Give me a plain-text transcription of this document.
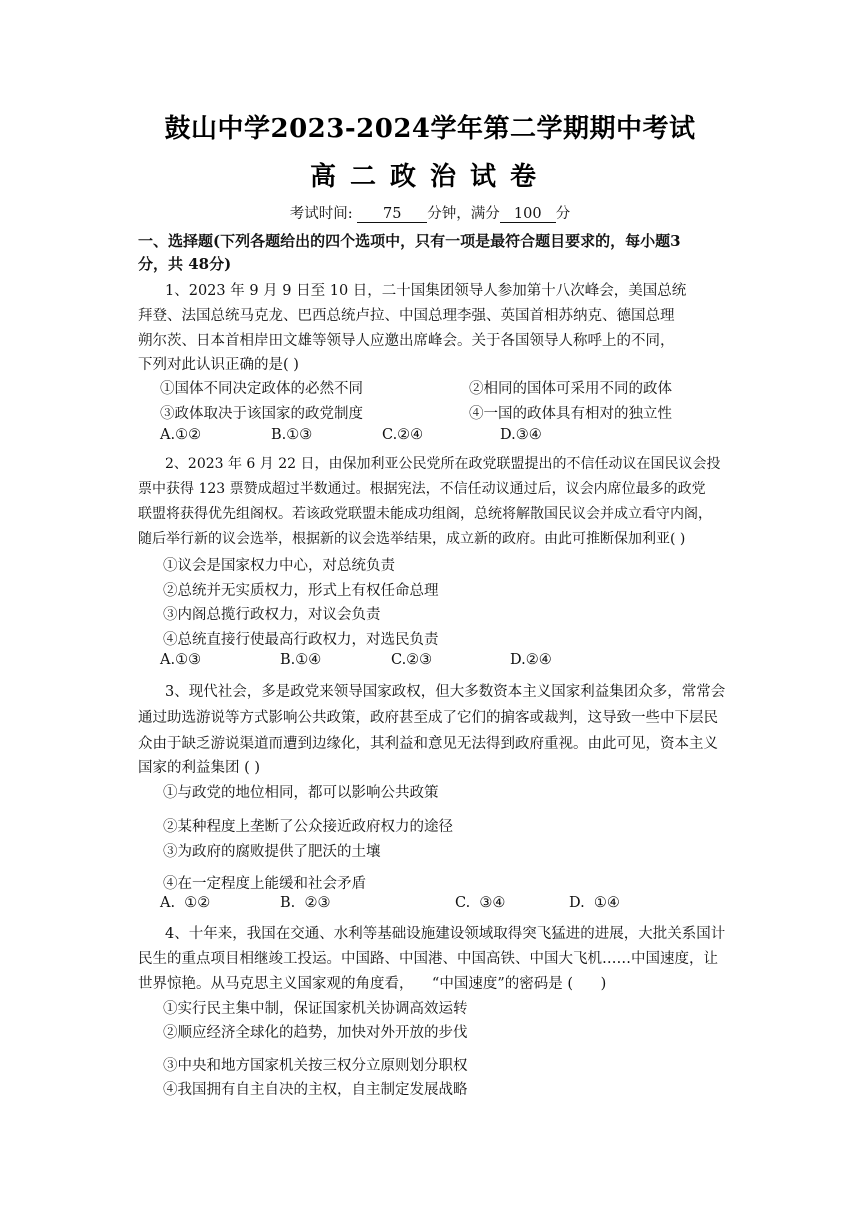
鼓山中学2023-2024学年第二学期期中考试
高二政治试卷
考试时间: 75 分钟，满分 100 分
一、选择题(下列各题给出的四个选项中，只有一项是最符合题目要求的，每小题3
分，共 48分)
1、2023 年 9 月 9 日至 10 日，二十国集团领导人参加第十八次峰会，美国总统
拜登、法国总统马克龙、巴西总统卢拉、中国总理李强、英国首相苏纳克、德国总理
朔尔茨、日本首相岸田文雄等领导人应邀出席峰会。关于各国领导人称呼上的不同，
下列对此认识正确的是( )
①国体不同决定政体的必然不同	②相同的国体可采用不同的政体
③政体取决于该国家的政党制度	④一国的政体具有相对的独立性
A.①②	B.①③	C.②④	D.③④
2、2023 年 6 月 22 日，由保加利亚公民党所在政党联盟提出的不信任动议在国民议会投
票中获得 123 票赞成超过半数通过。根据宪法，不信任动议通过后，议会内席位最多的政党
联盟将获得优先组阁权。若该政党联盟未能成功组阁，总统将解散国民议会并成立看守内阁，
随后举行新的议会选举，根据新的议会选举结果，成立新的政府。由此可推断保加利亚( )
①议会是国家权力中心，对总统负责
②总统并无实质权力，形式上有权任命总理
③内阁总揽行政权力，对议会负责
④总统直接行使最高行政权力，对选民负责
A.①③	B.①④	C.②③	D.②④
3、现代社会，多是政党来领导国家政权，但大多数资本主义国家利益集团众多，常常会
通过助选游说等方式影响公共政策，政府甚至成了它们的掮客或裁判，这导致一些中下层民
众由于缺乏游说渠道而遭到边缘化，其利益和意见无法得到政府重视。由此可见，资本主义
国家的利益集团 ( )
①与政党的地位相同，都可以影响公共政策
②某种程度上垄断了公众接近政府权力的途径
③为政府的腐败提供了肥沃的土壤
④在一定程度上能缓和社会矛盾
A.  ①②	B.  ②③	C.  ③④	D.  ①④
4、十年来，我国在交通、水利等基础设施建设领域取得突飞猛进的进展，大批关系国计
民生的重点项目相继竣工投运。中国路、中国港、中国高铁、中国大飞机……中国速度，让
世界惊艳。从马克思主义国家观的角度看，    “中国速度”的密码是 (      )
①实行民主集中制，保证国家机关协调高效运转
②顺应经济全球化的趋势，加快对外开放的步伐
③中央和地方国家机关按三权分立原则划分职权
④我国拥有自主自决的主权，自主制定发展战略
